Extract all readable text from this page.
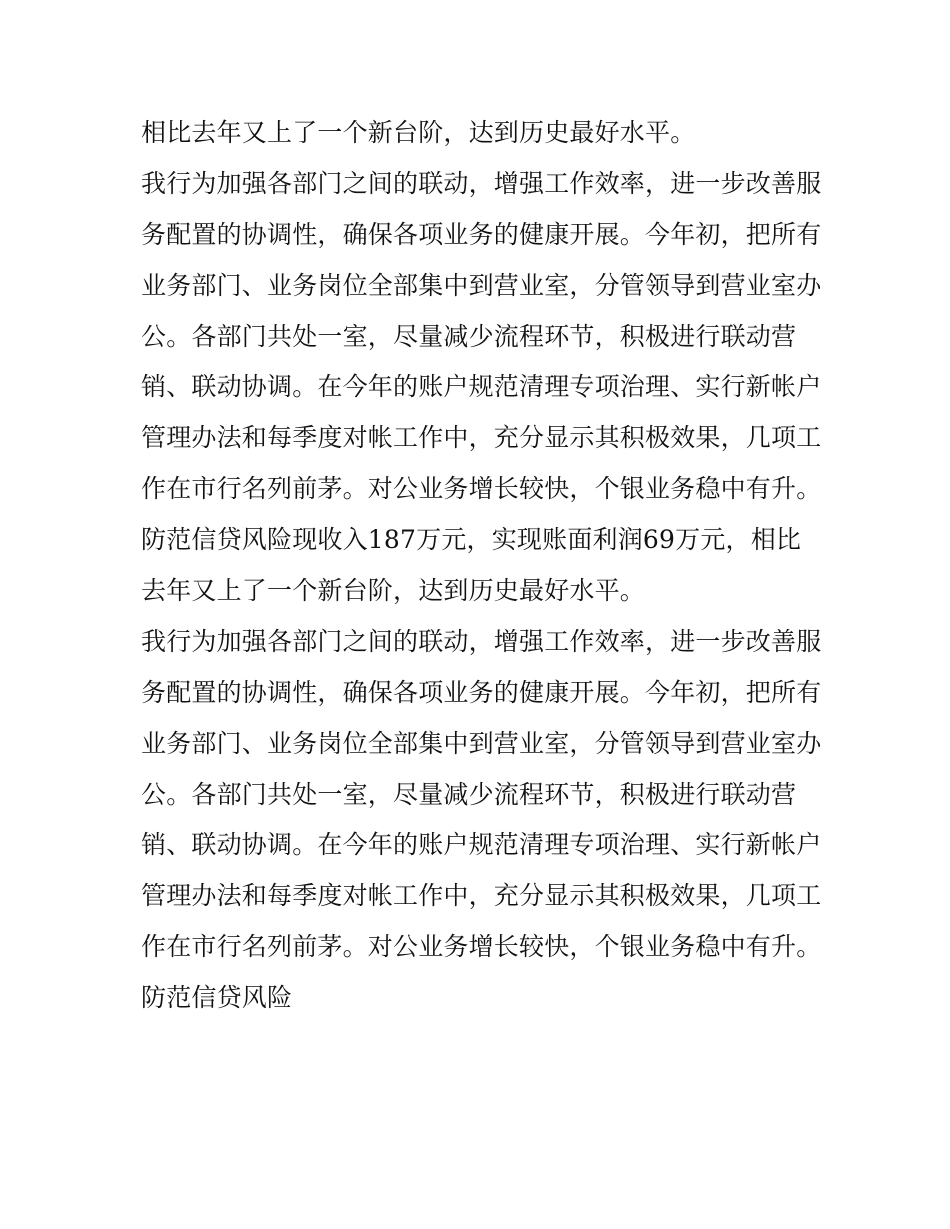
相比去年又上了一个新台阶，达到历史最好水平。
我行为加强各部门之间的联动，增强工作效率，进一步改善服
务配置的协调性，确保各项业务的健康开展。今年初，把所有
业务部门、业务岗位全部集中到营业室，分管领导到营业室办
公。各部门共处一室，尽量减少流程环节，积极进行联动营
销、联动协调。在今年的账户规范清理专项治理、实行新帐户
管理办法和每季度对帐工作中，充分显示其积极效果，几项工
作在市行名列前茅。对公业务增长较快，个银业务稳中有升。
防范信贷风险现收入187万元，实现账面利润69万元，相比
去年又上了一个新台阶，达到历史最好水平。
我行为加强各部门之间的联动，增强工作效率，进一步改善服
务配置的协调性，确保各项业务的健康开展。今年初，把所有
业务部门、业务岗位全部集中到营业室，分管领导到营业室办
公。各部门共处一室，尽量减少流程环节，积极进行联动营
销、联动协调。在今年的账户规范清理专项治理、实行新帐户
管理办法和每季度对帐工作中，充分显示其积极效果，几项工
作在市行名列前茅。对公业务增长较快，个银业务稳中有升。
防范信贷风险
